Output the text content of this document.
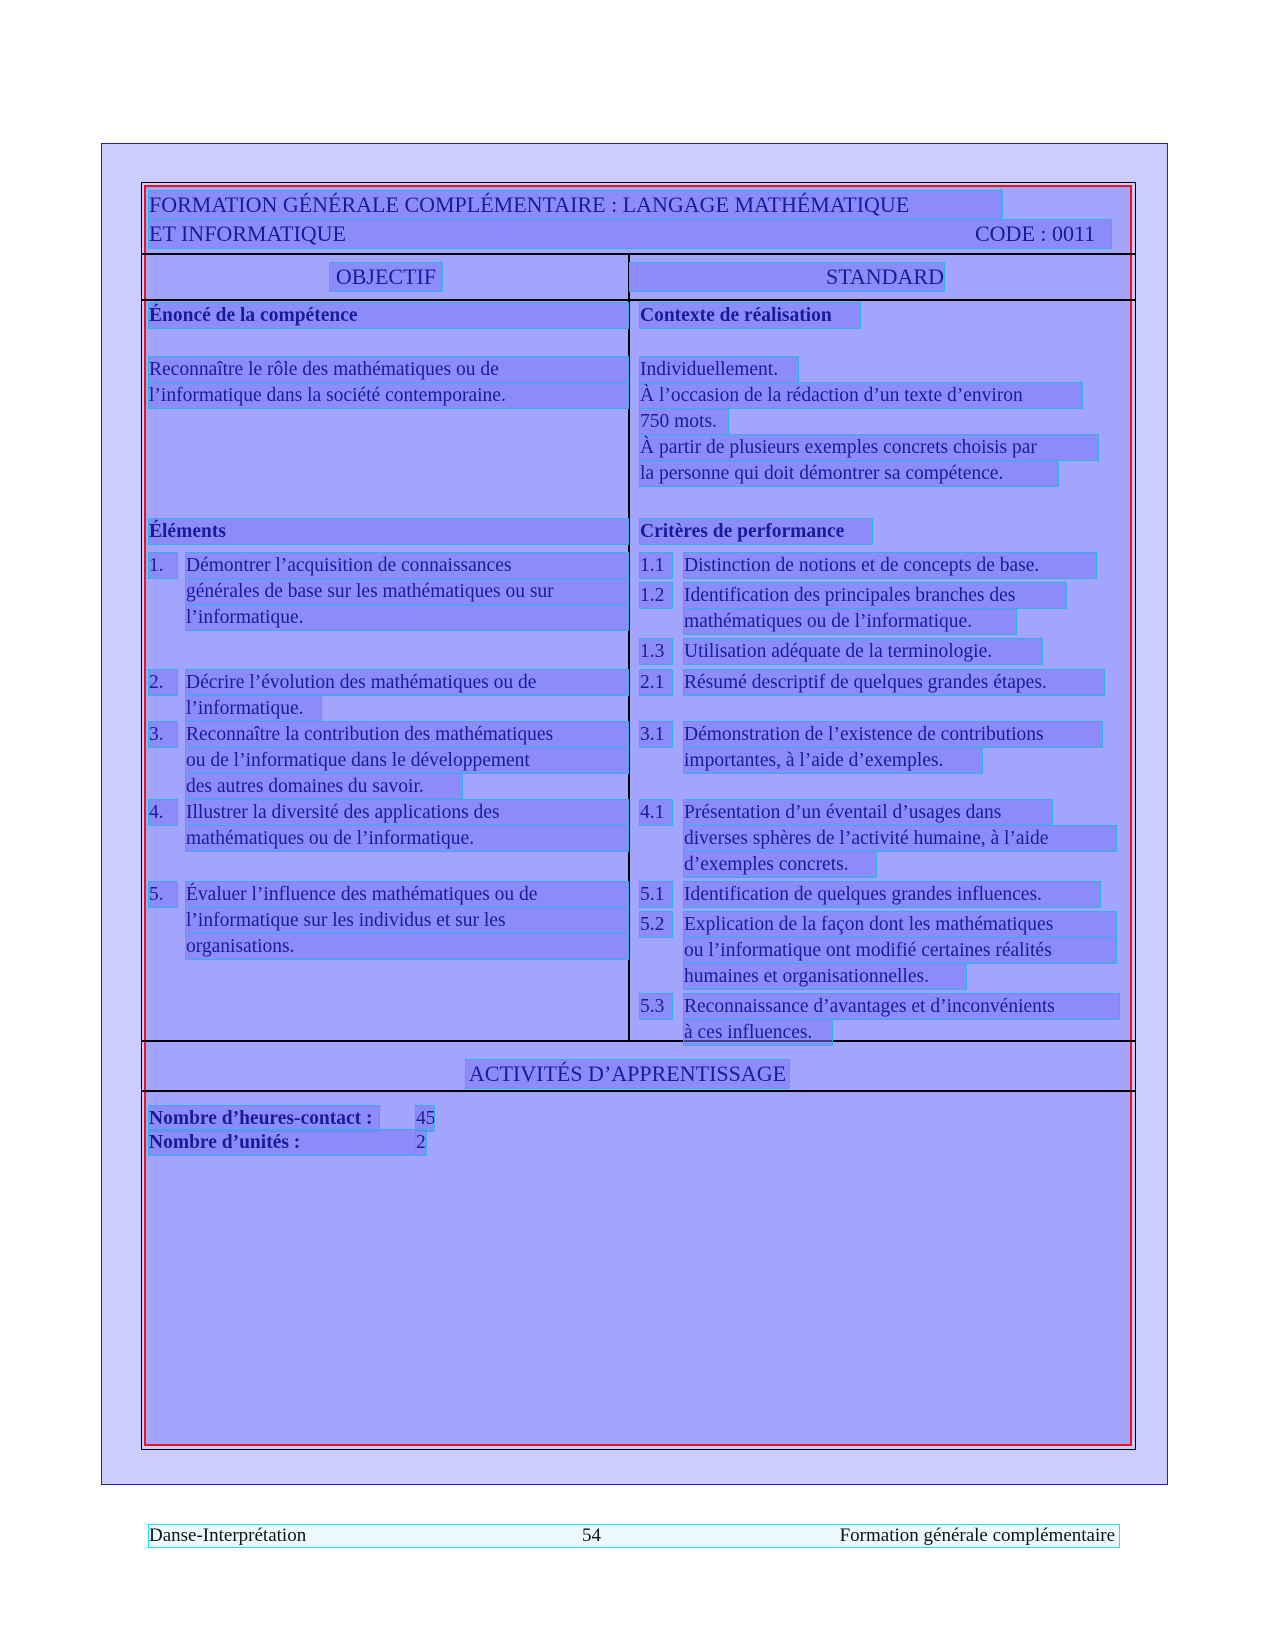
FORMATION GÉNÉRALE COMPLÉMENTAIRE : LANGAGE MATHÉMATIQUE
ET INFORMATIQUE	CODE : 0011
OBJECTIF	STANDARD
Énoncé de la compétence
Reconnaître le rôle des mathématiques ou de
l’informatique dans la société contemporaine.
Contexte de réalisation
Individuellement.
À l’occasion de la rédaction d’un texte d’environ
750 mots.
À partir de plusieurs exemples concrets choisis par
la personne qui doit démontrer sa compétence.
Éléments
1.	Démontrer l’acquisition de connaissances
générales de base sur les mathématiques ou sur
l’informatique.
2.	Décrire l’évolution des mathématiques ou de
l’informatique.
3.	Reconnaître la contribution des mathématiques
ou de l’informatique dans le développement
des autres domaines du savoir.
4.	Illustrer la diversité des applications des
mathématiques ou de l’informatique.
5.	Évaluer l’influence des mathématiques ou de
l’informatique sur les individus et sur les
organisations.
Critères de performance
1.1	Distinction de notions et de concepts de base.
1.2	Identification des principales branches des
mathématiques ou de l’informatique.
1.3	Utilisation adéquate de la terminologie.
2.1	Résumé descriptif de quelques grandes étapes.
3.1	Démonstration de l’existence de contributions
importantes, à l’aide d’exemples.
4.1	Présentation d’un éventail d’usages dans
diverses sphères de l’activité humaine, à l’aide
d’exemples concrets.
5.1	Identification de quelques grandes influences.
5.2	Explication de la façon dont les mathématiques
ou l’informatique ont modifié certaines réalités
humaines et organisationnelles.
5.3	Reconnaissance d’avantages et d’inconvénients
à ces influences.
ACTIVITÉS D’APPRENTISSAGE
Nombre d’heures-contact :	45
Nombre d’unités :	2
Danse-Interprétation	54	Formation générale complémentaire
